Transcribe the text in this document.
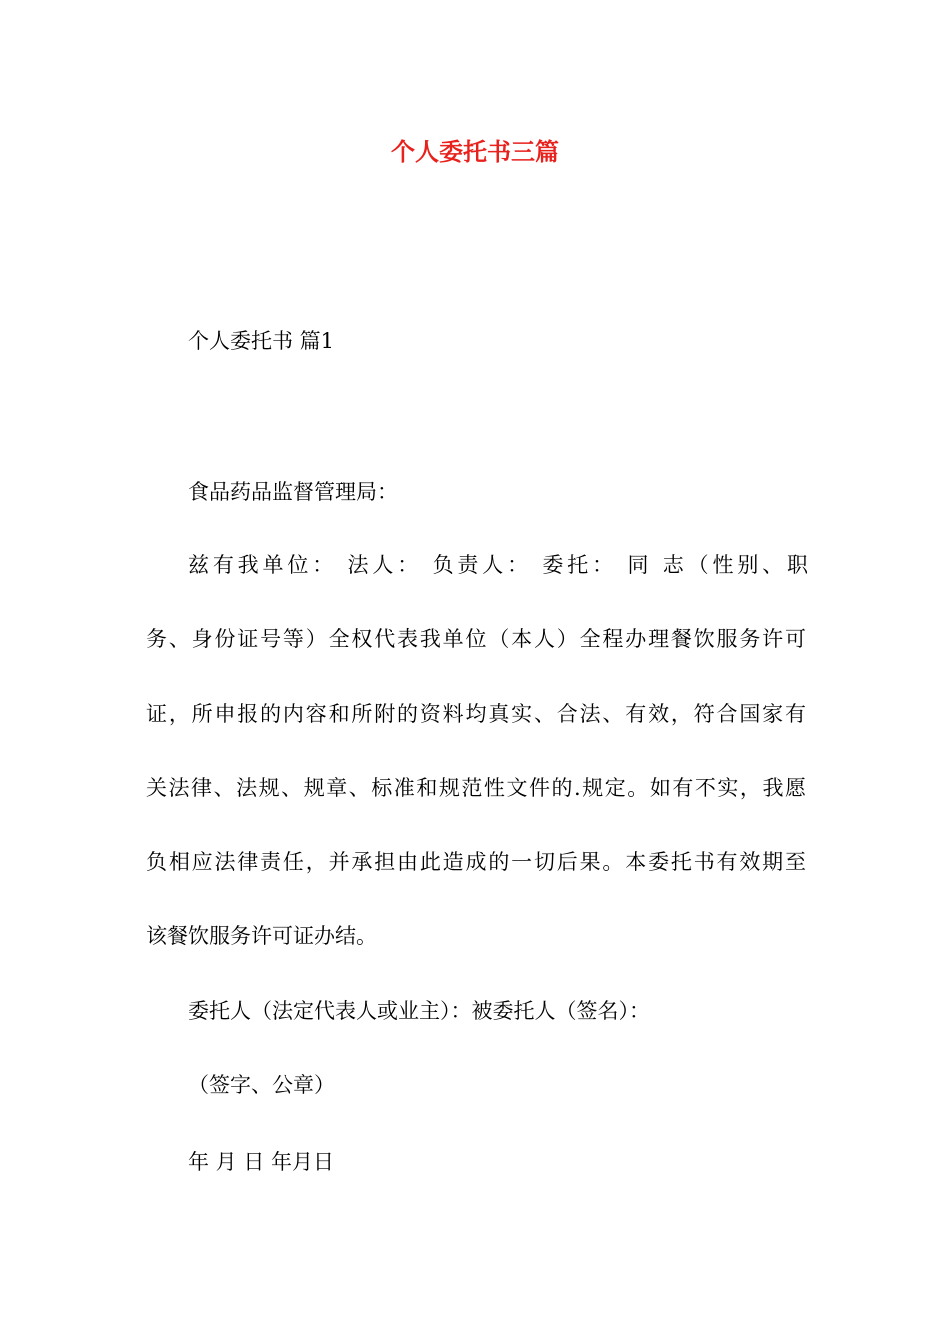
个人委托书三篇
个人委托书 篇1
食品药品监督管理局：
兹有我单位： 法人： 负责人： 委托： 同 志（性别、职
务、身份证号等）全权代表我单位（本人）全程办理餐饮服务许可
证，所申报的内容和所附的资料均真实、合法、有效，符合国家有
关法律、法规、规章、标准和规范性文件的.规定。如有不实，我愿
负相应法律责任，并承担由此造成的一切后果。本委托书有效期至
该餐饮服务许可证办结。
委托人（法定代表人或业主）：被委托人（签名）：
（签字、公章）
年 月 日 年月日
